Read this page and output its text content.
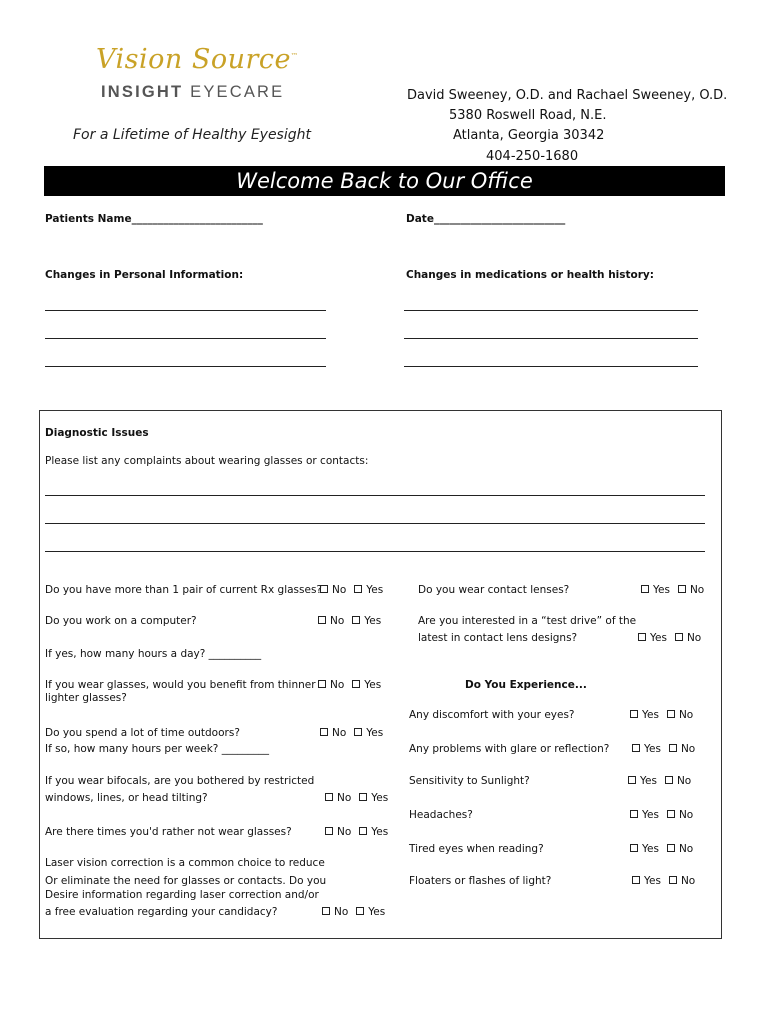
Vision Source™
INSIGHT EYECARE
For a Lifetime of Healthy Eyesight
David Sweeney, O.D. and Rachael Sweeney, O.D.
5380 Roswell Road, N.E.
Atlanta, Georgia 30342
404-250-1680
Welcome Back to Our Office
Patients Name_________________________	Date_________________________
Changes in Personal Information:	Changes in medications or health history:
Diagnostic Issues
Please list any complaints about wearing glasses or contacts:
Do you have more than 1 pair of current Rx glasses? No Yes
Do you work on a computer?	No Yes
If yes, how many hours a day? __________
If you wear glasses, would you benefit from thinner	No Yes
lighter glasses?
Do you spend a lot of time outdoors?	No Yes
If so, how many hours per week? _________
If you wear bifocals, are you bothered by restricted
windows, lines, or head tilting?	No Yes
Are there times you'd rather not wear glasses?	No Yes
Laser vision correction is a common choice to reduce
Or eliminate the need for glasses or contacts. Do you
Desire information regarding laser correction and/or
a free evaluation regarding your candidacy?	No Yes
Do you wear contact lenses?	Yes No
Are you interested in a “test drive” of the
latest in contact lens designs?	Yes No
Do You Experience...
Any discomfort with your eyes?	Yes No
Any problems with glare or reflection?	Yes No
Sensitivity to Sunlight?	Yes No
Headaches?	Yes No
Tired eyes when reading?	Yes No
Floaters or flashes of light?	Yes No
